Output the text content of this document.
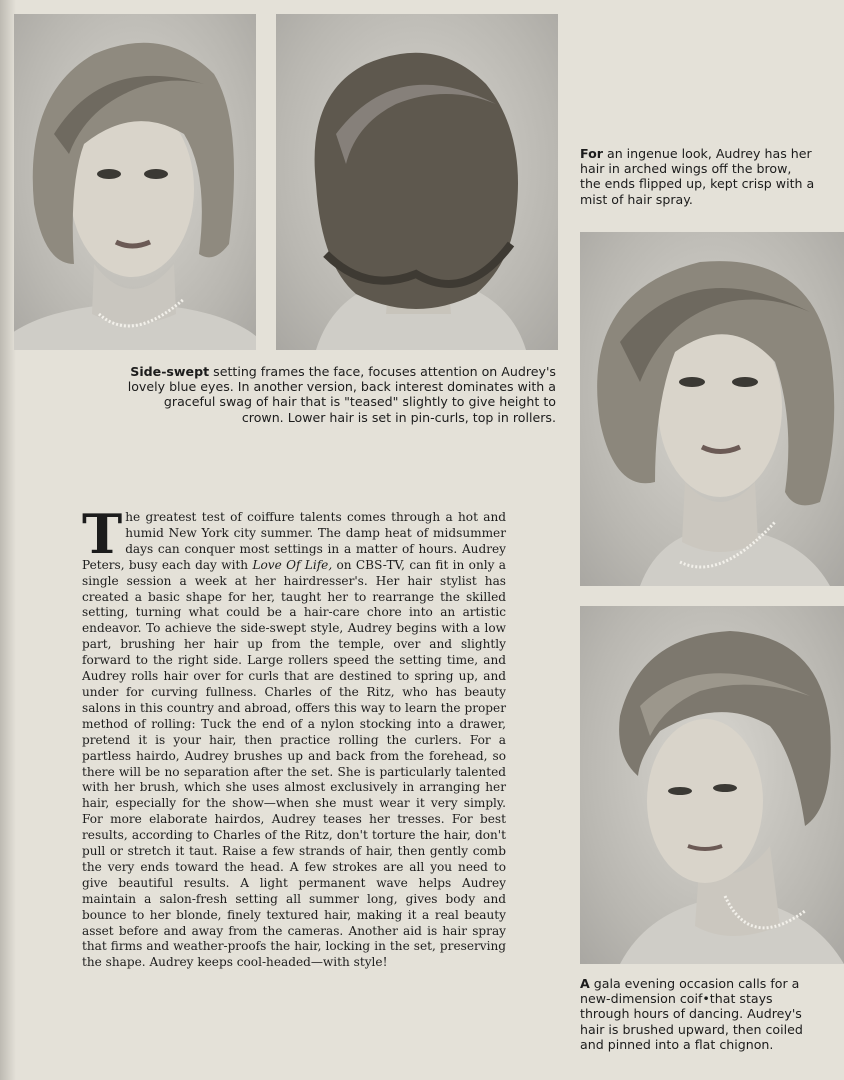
For an ingenue look, Audrey has her hair in arched wings off the brow, the ends flipped up, kept crisp with a mist of hair spray.

Side-swept setting frames the face, focuses attention on Audrey's lovely blue eyes. In another version, back interest dominates with a graceful swag of hair that is "teased" slightly to give height to crown. Lower hair is set in pin-curls, top in rollers.

A gala evening occasion calls for a new-dimension coif•that stays through hours of dancing. Audrey's hair is brushed upward, then coiled and pinned into a flat chignon.

The greatest test of coiffure talents comes through a hot and humid New York city summer. The damp heat of midsummer days can conquer most settings in a matter of hours. Audrey Peters, busy each day with Love Of Life, on CBS-TV, can fit in only a single session a week at her hairdresser's. Her hair stylist has created a basic shape for her, taught her to rearrange the skilled setting, turning what could be a hair-care chore into an artistic endeavor. To achieve the side-swept style, Audrey begins with a low part, brushing her hair up from the temple, over and slightly forward to the right side. Large rollers speed the setting time, and Audrey rolls hair over for curls that are destined to spring up, and under for curving fullness. Charles of the Ritz, who has beauty salons in this country and abroad, offers this way to learn the proper method of rolling: Tuck the end of a nylon stocking into a drawer, pretend it is your hair, then practice rolling the curlers. For a partless hairdo, Audrey brushes up and back from the forehead, so there will be no separation after the set. She is particularly talented with her brush, which she uses almost exclusively in arranging her hair, especially for the show—when she must wear it very simply. For more elaborate hairdos, Audrey teases her tresses. For best results, according to Charles of the Ritz, don't torture the hair, don't pull or stretch it taut. Raise a few strands of hair, then gently comb the very ends toward the head. A few strokes are all you need to give beautiful results. A light permanent wave helps Audrey maintain a salon-fresh setting all summer long, gives body and bounce to her blonde, finely textured hair, making it a real beauty asset before and away from the cameras. Another aid is hair spray that firms and weather-proofs the hair, locking in the set, preserving the shape. Audrey keeps cool-headed—with style!
